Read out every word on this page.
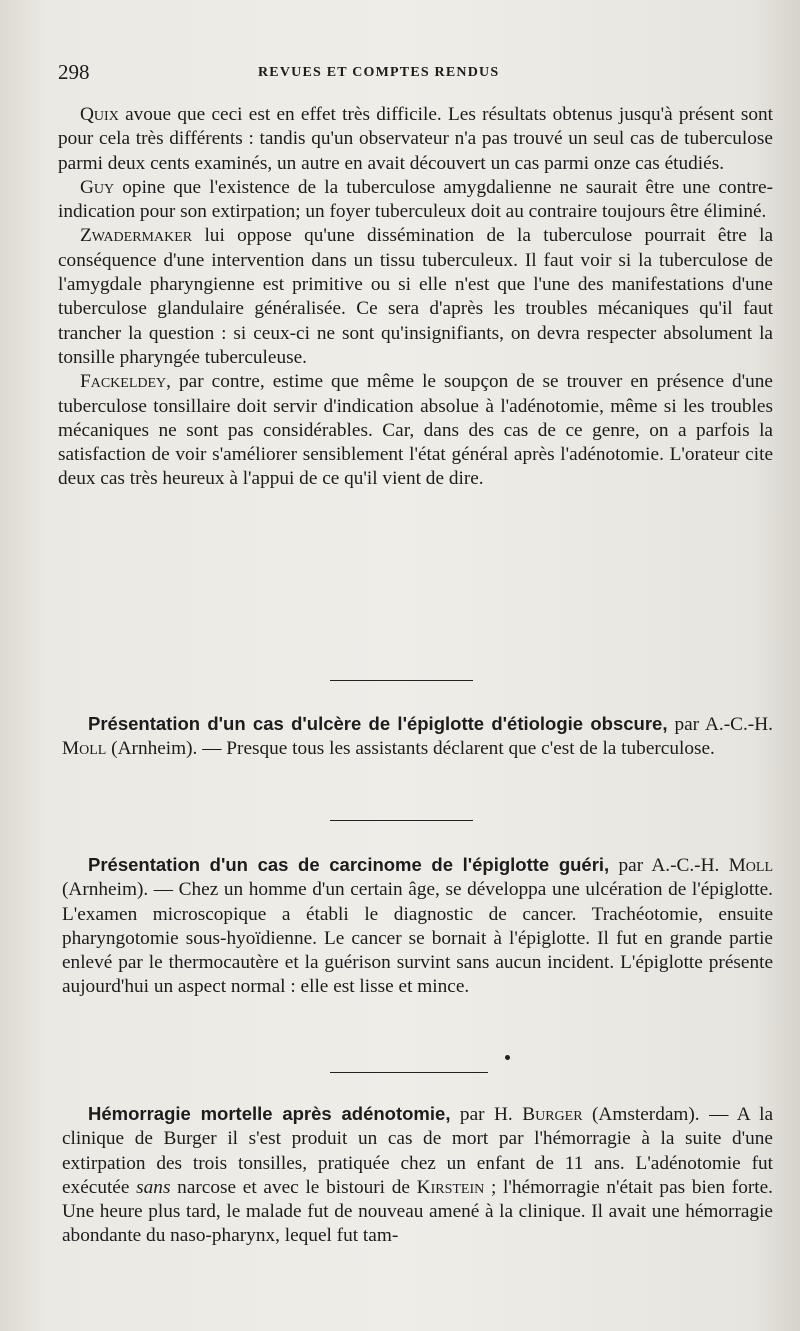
298	REVUES ET COMPTES RENDUS

Quix avoue que ceci est en effet très difficile. Les résultats obtenus jusqu'à présent sont pour cela très différents : tandis qu'un observateur n'a pas trouvé un seul cas de tuberculose parmi deux cents examinés, un autre en avait découvert un cas parmi onze cas étudiés.

Guy opine que l'existence de la tuberculose amygdalienne ne saurait être une contre-indication pour son extirpation; un foyer tuberculeux doit au contraire toujours être éliminé.

Zwadermaker lui oppose qu'une dissémination de la tuberculose pourrait être la conséquence d'une intervention dans un tissu tuberculeux. Il faut voir si la tuberculose de l'amygdale pharyngienne est primitive ou si elle n'est que l'une des manifestations d'une tuberculose glandulaire généralisée. Ce sera d'après les troubles mécaniques qu'il faut trancher la question : si ceux-ci ne sont qu'insignifiants, on devra respecter absolument la tonsille pharyngée tuberculeuse.

Fackeldey, par contre, estime que même le soupçon de se trouver en présence d'une tuberculose tonsillaire doit servir d'indication absolue à l'adénotomie, même si les troubles mécaniques ne sont pas considérables. Car, dans des cas de ce genre, on a parfois la satisfaction de voir s'améliorer sensiblement l'état général après l'adénotomie. L'orateur cite deux cas très heureux à l'appui de ce qu'il vient de dire.

Présentation d'un cas d'ulcère de l'épiglotte d'étiologie obscure, par A.-C.-H. Moll (Arnheim). — Presque tous les assistants déclarent que c'est de la tuberculose.

Présentation d'un cas de carcinome de l'épiglotte guéri, par A.-C.-H. Moll (Arnheim). — Chez un homme d'un certain âge, se développa une ulcération de l'épiglotte. L'examen microscopique a établi le diagnostic de cancer. Trachéotomie, ensuite pharyngotomie sous-hyoïdienne. Le cancer se bornait à l'épiglotte. Il fut en grande partie enlevé par le thermocautère et la guérison survint sans aucun incident. L'épiglotte présente aujourd'hui un aspect normal : elle est lisse et mince.

Hémorragie mortelle après adénotomie, par H. Burger (Amsterdam). — A la clinique de Burger il s'est produit un cas de mort par l'hémorragie à la suite d'une extirpation des trois tonsilles, pratiquée chez un enfant de 11 ans. L'adénotomie fut exécutée sans narcose et avec le bistouri de Kirstein ; l'hémorragie n'était pas bien forte. Une heure plus tard, le malade fut de nouveau amené à la clinique. Il avait une hémorragie abondante du naso-pharynx, lequel fut tam-
